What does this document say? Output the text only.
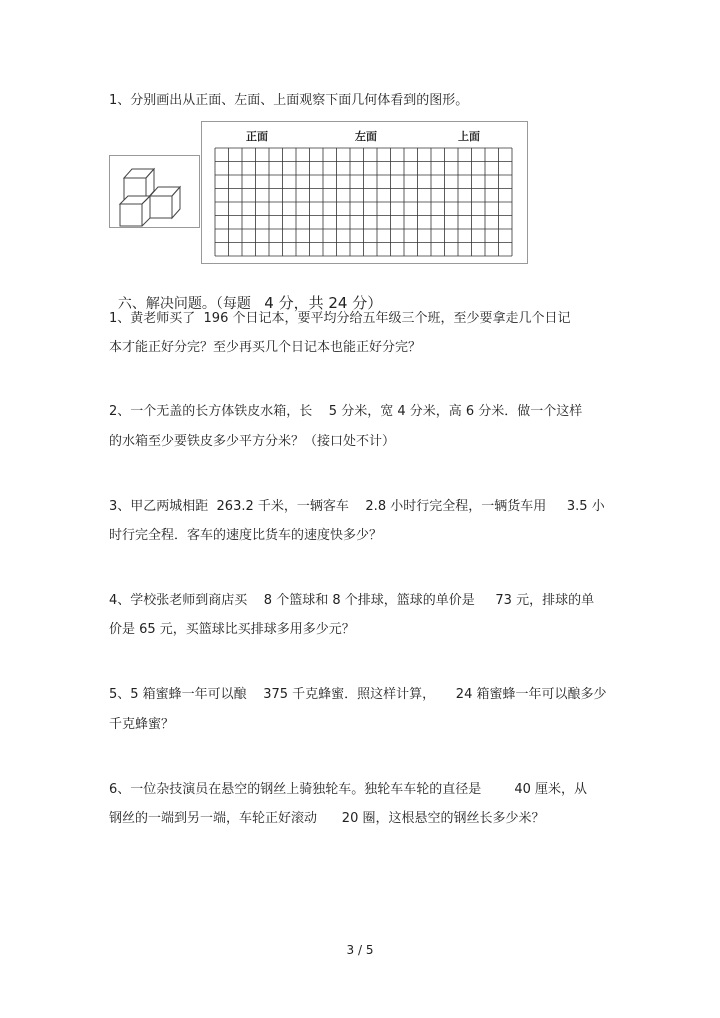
1、分别画出从正面、左面、上面观察下面几何体看到的图形。
正面	左面	上面

六、解决问题。（每题 4 分，共 24 分）

1、黄老师买了  196 个日记本，要平均分给五年级三个班，至少要拿走几个日记
本才能正好分完？至少再买几个日记本也能正好分完？
2、一个无盖的长方体铁皮水箱，长    5 分米，宽 4 分米，高 6 分米．做一个这样
的水箱至少要铁皮多少平方分米？（接口处不计）
3、甲乙两城相距  263.2 千米，一辆客车    2.8 小时行完全程，一辆货车用     3.5 小
时行完全程．客车的速度比货车的速度快多少？
4、学校张老师到商店买    8 个篮球和 8 个排球，篮球的单价是     73 元，排球的单
价是 65 元，买篮球比买排球多用多少元？
5、5 箱蜜蜂一年可以酿    375 千克蜂蜜．照这样计算，     24 箱蜜蜂一年可以酿多少
千克蜂蜜？
6、一位杂技演员在悬空的钢丝上骑独轮车。独轮车车轮的直径是        40 厘米，从
钢丝的一端到另一端，车轮正好滚动      20 圈，这根悬空的钢丝长多少米？
3 / 5
